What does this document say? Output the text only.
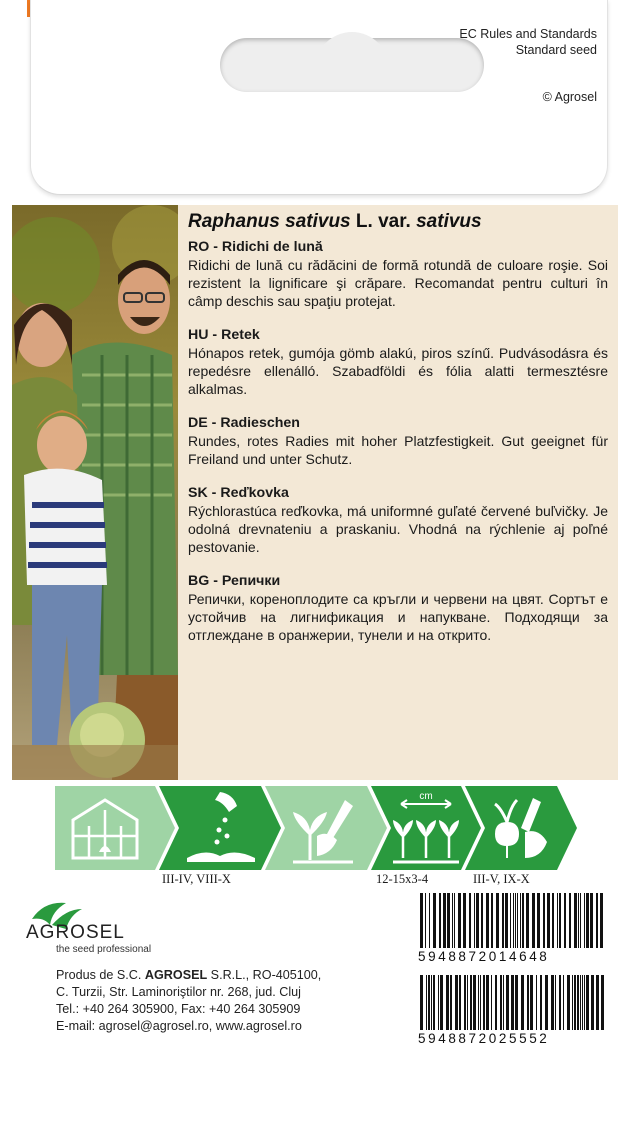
EC Rules and Standards
Standard seed
© Agrosel
Raphanus sativus L. var. sativus
RO - Ridichi de lună
Ridichi de lună cu rădăcini de formă rotundă de culoare roşie. Soi rezistent la lignificare şi crăpare. Recomandat pentru culturi în câmp deschis sau spaţiu protejat.
HU - Retek
Hónapos retek, gumója gömb alakú, piros színű. Pudvásodásra és repedésre ellenálló. Szabadföldi és fólia alatti termesztésre alkalmas.
DE - Radieschen
Rundes, rotes Radies mit hoher Platzfestigkeit. Gut geeignet für Freiland und unter Schutz.
SK - Reďkovka
Rýchlorastúca reďkovka, má uniformné guľaté červené buľvičky. Je odolná drevnateniu a praskaniu. Vhodná na rýchlenie aj poľné pestovanie.
BG - Репички
Репички, кореноплодите са кръгли и червени на цвят. Сортът е устойчив на лигнификация и напукване. Подходящи за отглеждане в оранжерии, тунели и на открито.
cm
III-IV, VIII-X	12-15x3-4	III-V, IX-X
AGROSEL
the seed professional
Produs de S.C. AGROSEL S.R.L., RO-405100,
C. Turzii, Str. Laminoriştilor nr. 268, jud. Cluj
Tel.: +40 264 305900, Fax: +40 264 305909
E-mail: agrosel@agrosel.ro, www.agrosel.ro
5948872014648
5948872025552
